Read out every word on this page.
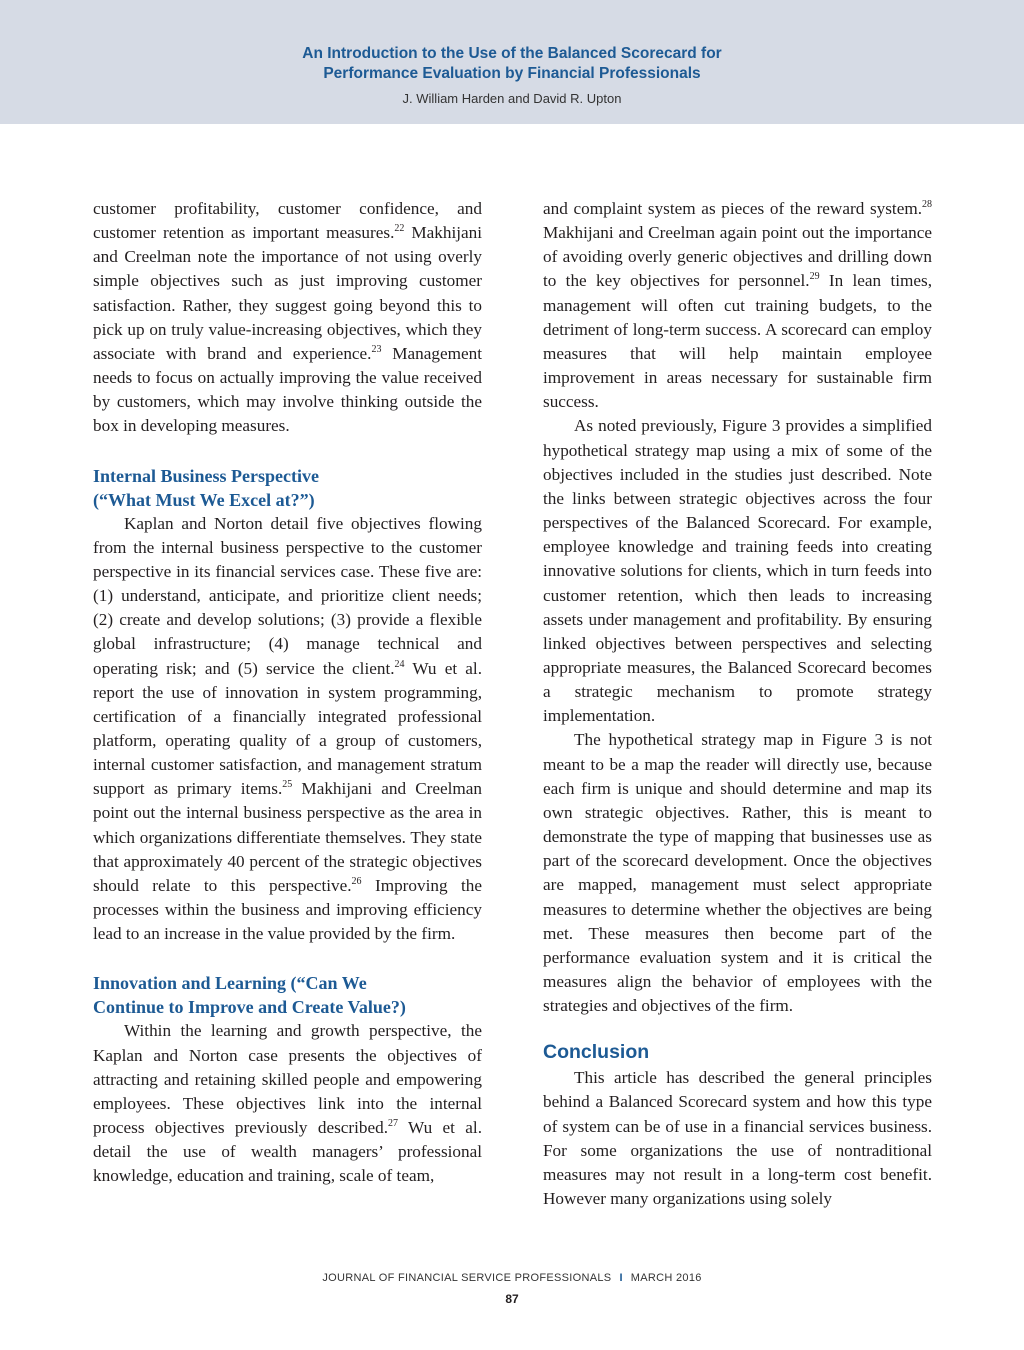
An Introduction to the Use of the Balanced Scorecard for
Performance Evaluation by Financial Professionals
J. William Harden and David R. Upton

customer profitability, customer confidence, and customer retention as important measures.$^{22}$ Makhijani and Creelman note the importance of not using overly simple objectives such as just improving customer satisfaction. Rather, they suggest going beyond this to pick up on truly value-increasing objectives, which they associate with brand and experience.$^{23}$ Management needs to focus on actually improving the value received by customers, which may involve thinking outside the box in developing measures.

Internal Business Perspective
(“What Must We Excel at?”)

Kaplan and Norton detail five objectives flowing from the internal business perspective to the customer perspective in its financial services case. These five are: (1) understand, anticipate, and prioritize client needs; (2) create and develop solutions; (3) provide a flexible global infrastructure; (4) manage technical and operating risk; and (5) service the client.$^{24}$ Wu et al. report the use of innovation in system programming, certification of a financially integrated professional platform, operating quality of a group of customers, internal customer satisfaction, and management stratum support as primary items.$^{25}$ Makhijani and Creelman point out the internal business perspective as the area in which organizations differentiate themselves. They state that approximately 40 percent of the strategic objectives should relate to this perspective.$^{26}$ Improving the processes within the business and improving efficiency lead to an increase in the value provided by the firm.

Innovation and Learning (“Can We
Continue to Improve and Create Value?)

Within the learning and growth perspective, the Kaplan and Norton case presents the objectives of attracting and retaining skilled people and empowering employees. These objectives link into the internal process objectives previously described.$^{27}$ Wu et al. detail the use of wealth managers’ professional knowledge, education and training, scale of team,

and complaint system as pieces of the reward system.$^{28}$ Makhijani and Creelman again point out the importance of avoiding overly generic objectives and drilling down to the key objectives for personnel.$^{29}$ In lean times, management will often cut training budgets, to the detriment of long-term success. A scorecard can employ measures that will help maintain employee improvement in areas necessary for sustainable firm success.

As noted previously, Figure 3 provides a simplified hypothetical strategy map using a mix of some of the objectives included in the studies just described. Note the links between strategic objectives across the four perspectives of the Balanced Scorecard. For example, employee knowledge and training feeds into creating innovative solutions for clients, which in turn feeds into customer retention, which then leads to increasing assets under management and profitability. By ensuring linked objectives between perspectives and selecting appropriate measures, the Balanced Scorecard becomes a strategic mechanism to promote strategy implementation.

The hypothetical strategy map in Figure 3 is not meant to be a map the reader will directly use, because each firm is unique and should determine and map its own strategic objectives. Rather, this is meant to demonstrate the type of mapping that businesses use as part of the scorecard development. Once the objectives are mapped, management must select appropriate measures to determine whether the objectives are being met. These measures then become part of the performance evaluation system and it is critical the measures align the behavior of employees with the strategies and objectives of the firm.

Conclusion

This article has described the general principles behind a Balanced Scorecard system and how this type of system can be of use in a financial services business. For some organizations the use of nontraditional measures may not result in a long-term cost benefit. However many organizations using solely

JOURNAL OF FINANCIAL SERVICE PROFESSIONALS I MARCH 2016
87
